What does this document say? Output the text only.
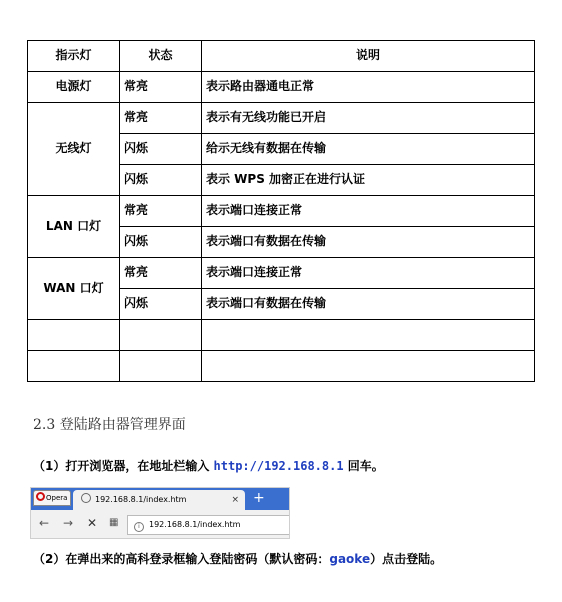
指示灯	状态	说明
电源灯	常亮	表示路由器通电正常
无线灯	常亮	表示有无线功能已开启
	闪烁	给示无线有数据在传输
	闪烁	表示 WPS 加密正在进行认证
LAN 口灯	常亮	表示端口连接正常
	闪烁	表示端口有数据在传输
WAN 口灯	常亮	表示端口连接正常
	闪烁	表示端口有数据在传输

2.3 登陆路由器管理界面
（1）打开浏览器，在地址栏输入 http://192.168.8.1 回车。
Opera	192.168.8.1/index.htm	× +
← → ✕ ▦	i 192.168.8.1/index.htm
（2）在弹出来的高科登录框输入登陆密码（默认密码：gaoke）点击登陆。
